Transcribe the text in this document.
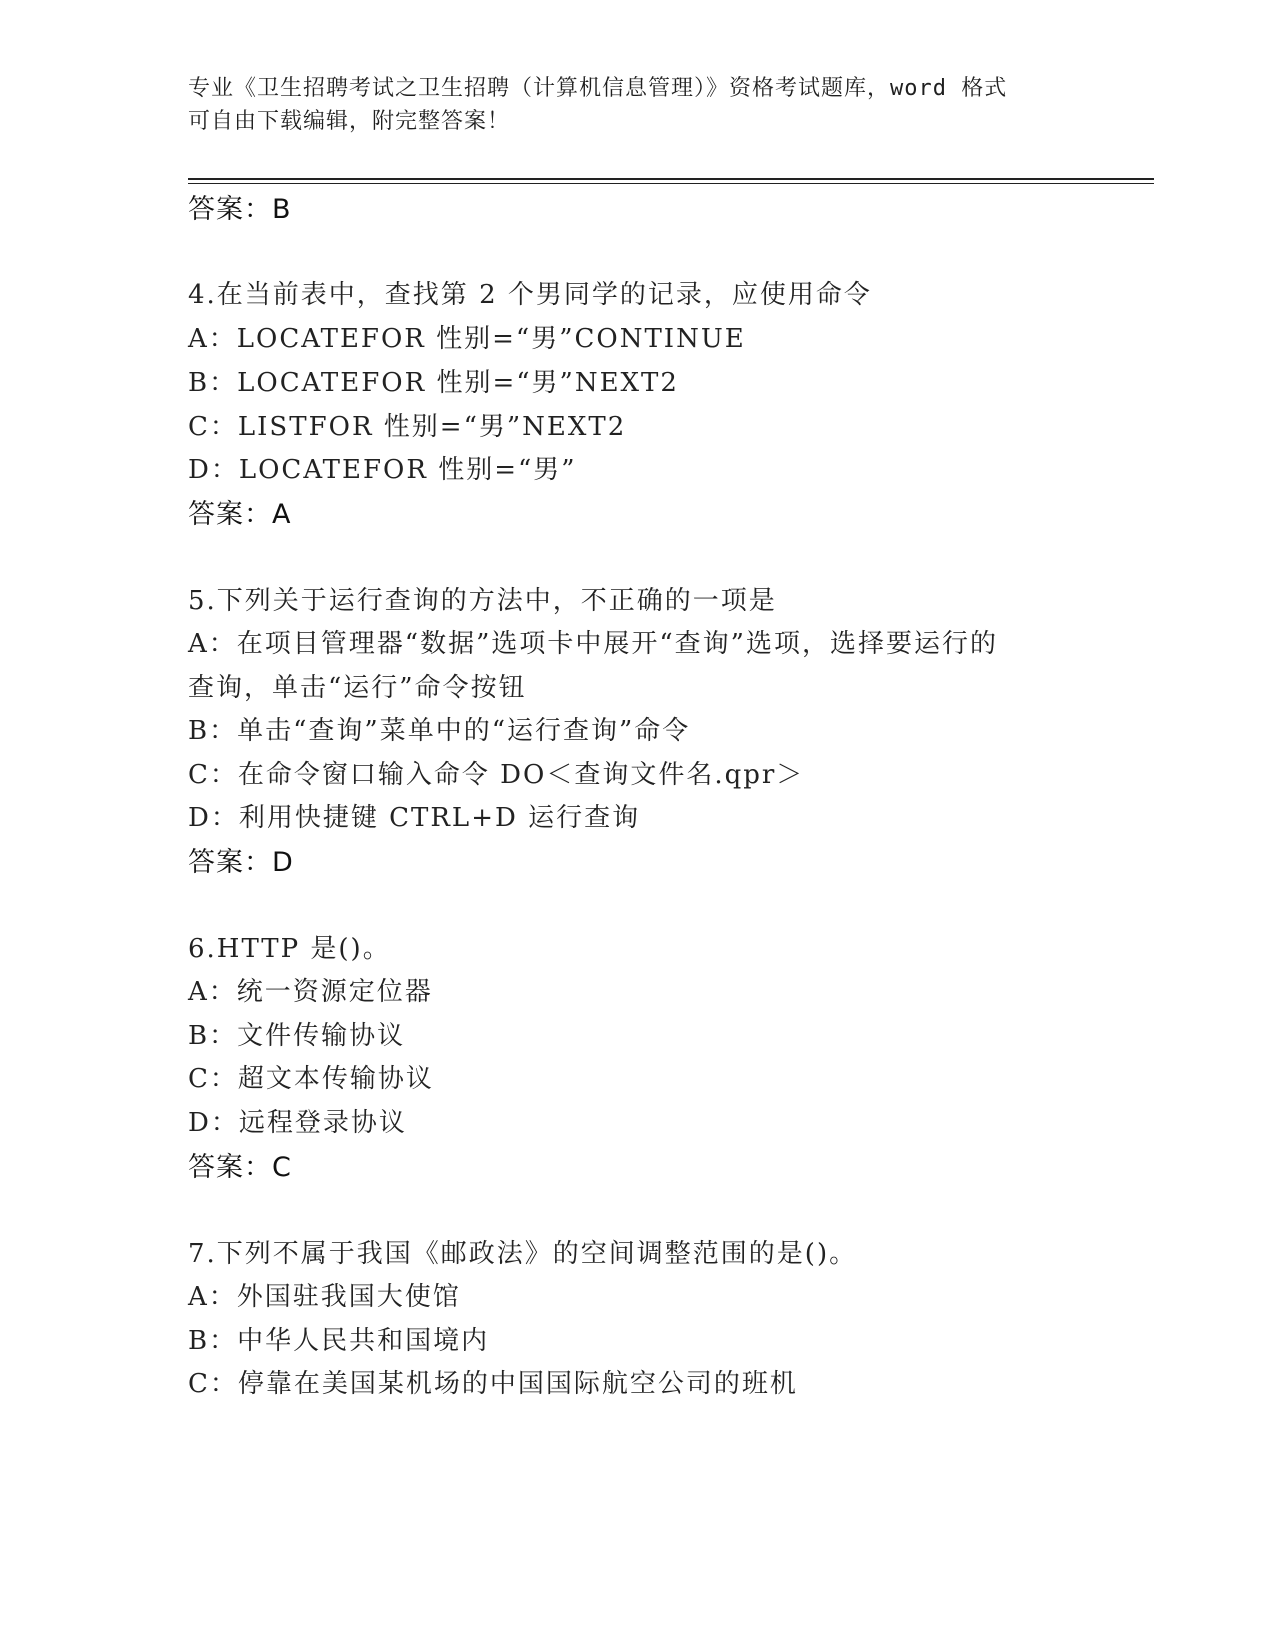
专业《卫生招聘考试之卫生招聘（计算机信息管理）》资格考试题库，word 格式

可自由下载编辑，附完整答案！

答案：B
4.在当前表中，查找第 2 个男同学的记录，应使用命令
A：LOCATEFOR 性别=“男”CONTINUE
B：LOCATEFOR 性别=“男”NEXT2
C：LISTFOR 性别=“男”NEXT2
D：LOCATEFOR 性别=“男”
答案：A
5.下列关于运行查询的方法中，不正确的一项是
A：在项目管理器“数据”选项卡中展开“查询”选项，选择要运行的
查询，单击“运行”命令按钮
B：单击“查询”菜单中的“运行查询”命令
C：在命令窗口输入命令 DO＜查询文件名.qpr＞
D：利用快捷键 CTRL+D 运行查询
答案：D
6.HTTP 是()。
A：统一资源定位器
B：文件传输协议
C：超文本传输协议
D：远程登录协议
答案：C
7.下列不属于我国《邮政法》的空间调整范围的是()。
A：外国驻我国大使馆
B：中华人民共和国境内
C：停靠在美国某机场的中国国际航空公司的班机
